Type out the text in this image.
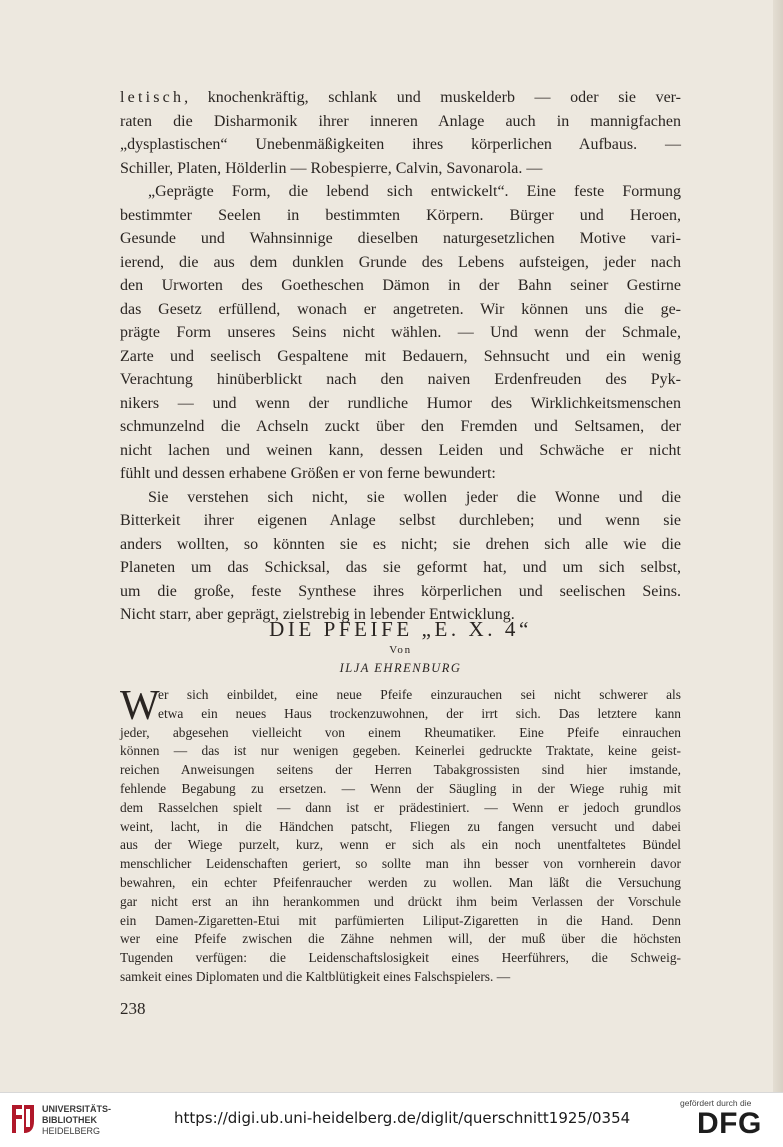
letisch, knochenkräftig, schlank und muskelderb — oder sie ver-
raten die Disharmonik ihrer inneren Anlage auch in mannigfachen
„dysplastischen“ Unebenmäßigkeiten ihres körperlichen Aufbaus. —
Schiller, Platen, Hölderlin — Robespierre, Calvin, Savonarola. —
„Geprägte Form, die lebend sich entwickelt“. Eine feste Formung
bestimmter Seelen in bestimmten Körpern. Bürger und Heroen,
Gesunde und Wahnsinnige dieselben naturgesetzlichen Motive vari-
ierend, die aus dem dunklen Grunde des Lebens aufsteigen, jeder nach
den Urworten des Goetheschen Dämon in der Bahn seiner Gestirne
das Gesetz erfüllend, wonach er angetreten. Wir können uns die ge-
prägte Form unseres Seins nicht wählen. — Und wenn der Schmale,
Zarte und seelisch Gespaltene mit Bedauern, Sehnsucht und ein wenig
Verachtung hinüberblickt nach den naiven Erdenfreuden des Pyk-
nikers — und wenn der rundliche Humor des Wirklichkeitsmenschen
schmunzelnd die Achseln zuckt über den Fremden und Seltsamen, der
nicht lachen und weinen kann, dessen Leiden und Schwäche er nicht
fühlt und dessen erhabene Größen er von ferne bewundert:
Sie verstehen sich nicht, sie wollen jeder die Wonne und die
Bitterkeit ihrer eigenen Anlage selbst durchleben; und wenn sie
anders wollten, so könnten sie es nicht; sie drehen sich alle wie die
Planeten um das Schicksal, das sie geformt hat, und um sich selbst,
um die große, feste Synthese ihres körperlichen und seelischen Seins.
Nicht starr, aber geprägt, zielstrebig in lebender Entwicklung.
DIE PFEIFE „E. X. 4“
Von
ILJA EHRENBURG
W
er sich einbildet, eine neue Pfeife einzurauchen sei nicht schwerer als
etwa ein neues Haus trockenzuwohnen, der irrt sich. Das letztere kann
jeder, abgesehen vielleicht von einem Rheumatiker. Eine Pfeife einrauchen
können — das ist nur wenigen gegeben. Keinerlei gedruckte Traktate, keine geist-
reichen Anweisungen seitens der Herren Tabakgrossisten sind hier imstande,
fehlende Begabung zu ersetzen. — Wenn der Säugling in der Wiege ruhig mit
dem Rasselchen spielt — dann ist er prädestiniert. — Wenn er jedoch grundlos
weint, lacht, in die Händchen patscht, Fliegen zu fangen versucht und dabei
aus der Wiege purzelt, kurz, wenn er sich als ein noch unentfaltetes Bündel
menschlicher Leidenschaften geriert, so sollte man ihn besser von vornherein davor
bewahren, ein echter Pfeifenraucher werden zu wollen. Man läßt die Versuchung
gar nicht erst an ihn herankommen und drückt ihm beim Verlassen der Vorschule
ein Damen-Zigaretten-Etui mit parfümierten Liliput-Zigaretten in die Hand. Denn
wer eine Pfeife zwischen die Zähne nehmen will, der muß über die höchsten
Tugenden verfügen: die Leidenschaftslosigkeit eines Heerführers, die Schweig-
samkeit eines Diplomaten und die Kaltblütigkeit eines Falschspielers. —
238
UNIVERSITÄTS-
BIBLIOTHEK
HEIDELBERG
https://digi.ub.uni-heidelberg.de/diglit/querschnitt1925/0354
gefördert durch die
DFG
